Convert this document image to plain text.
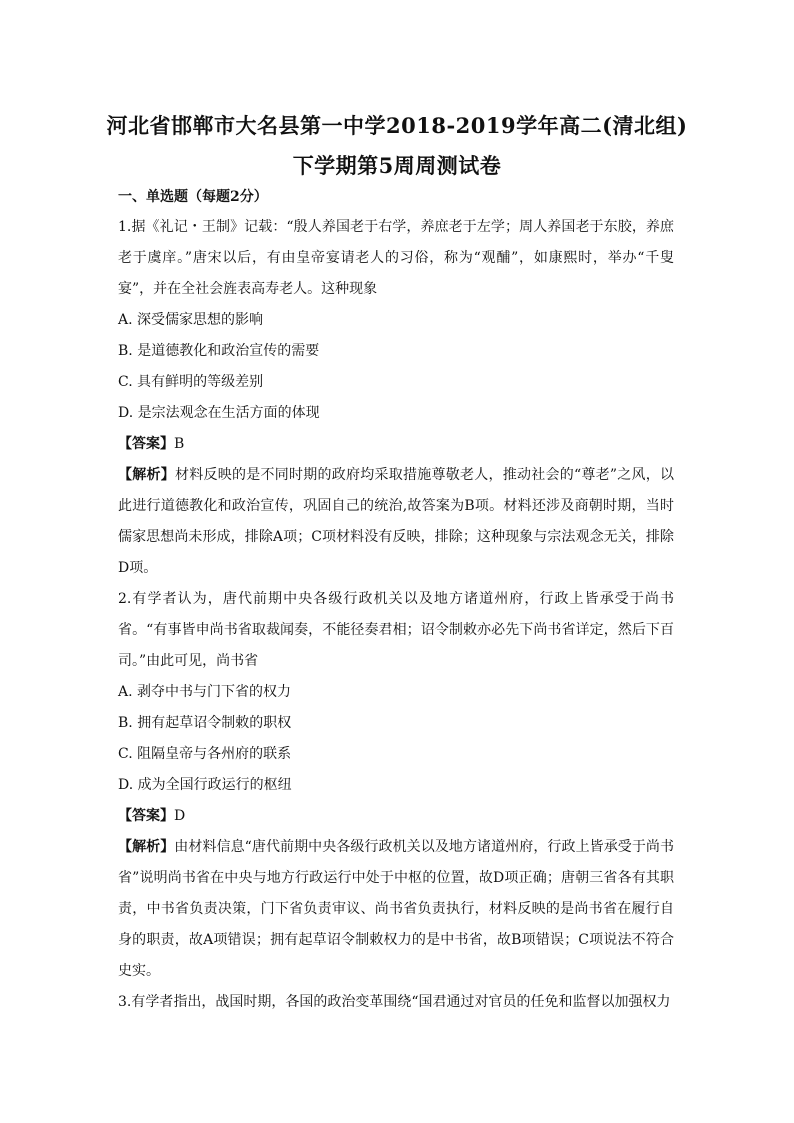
河北省邯郸市大名县第一中学2018-2019学年高二(清北组)
下学期第5周周测试卷
一、单选题（每题2分）

1.据《礼记・王制》记载：“殷人养国老于右学，养庶老于左学；周人养国老于东胶，养庶老于虞庠。”唐宋以后，有由皇帝宴请老人的习俗，称为“观酺”，如康熙时，举办“千叟宴”，并在全社会旌表高寿老人。这种现象

A. 深受儒家思想的影响

B. 是道德教化和政治宣传的需要

C. 具有鲜明的等级差别

D. 是宗法观念在生活方面的体现

【答案】B

【解析】材料反映的是不同时期的政府均采取措施尊敬老人，推动社会的“尊老”之风，以此进行道德教化和政治宣传，巩固自己的统治,故答案为B项。材料还涉及商朝时期，当时儒家思想尚未形成，排除A项；C项材料没有反映，排除；这种现象与宗法观念无关，排除D项。

2.有学者认为，唐代前期中央各级行政机关以及地方诸道州府，行政上皆承受于尚书省。“有事皆申尚书省取裁闻奏，不能径奏君相；诏令制敕亦必先下尚书省详定，然后下百司。”由此可见，尚书省

A. 剥夺中书与门下省的权力

B. 拥有起草诏令制敕的职权

C. 阻隔皇帝与各州府的联系

D. 成为全国行政运行的枢纽

【答案】D

【解析】由材料信息“唐代前期中央各级行政机关以及地方诸道州府，行政上皆承受于尚书省”说明尚书省在中央与地方行政运行中处于中枢的位置，故D项正确；唐朝三省各有其职责，中书省负责决策，门下省负责审议、尚书省负责执行，材料反映的是尚书省在履行自身的职责，故A项错误；拥有起草诏令制敕权力的是中书省，故B项错误；C项说法不符合史实。

3.有学者指出，战国时期，各国的政治变革围绕“国君通过对官员的任免和监督以加强权力
